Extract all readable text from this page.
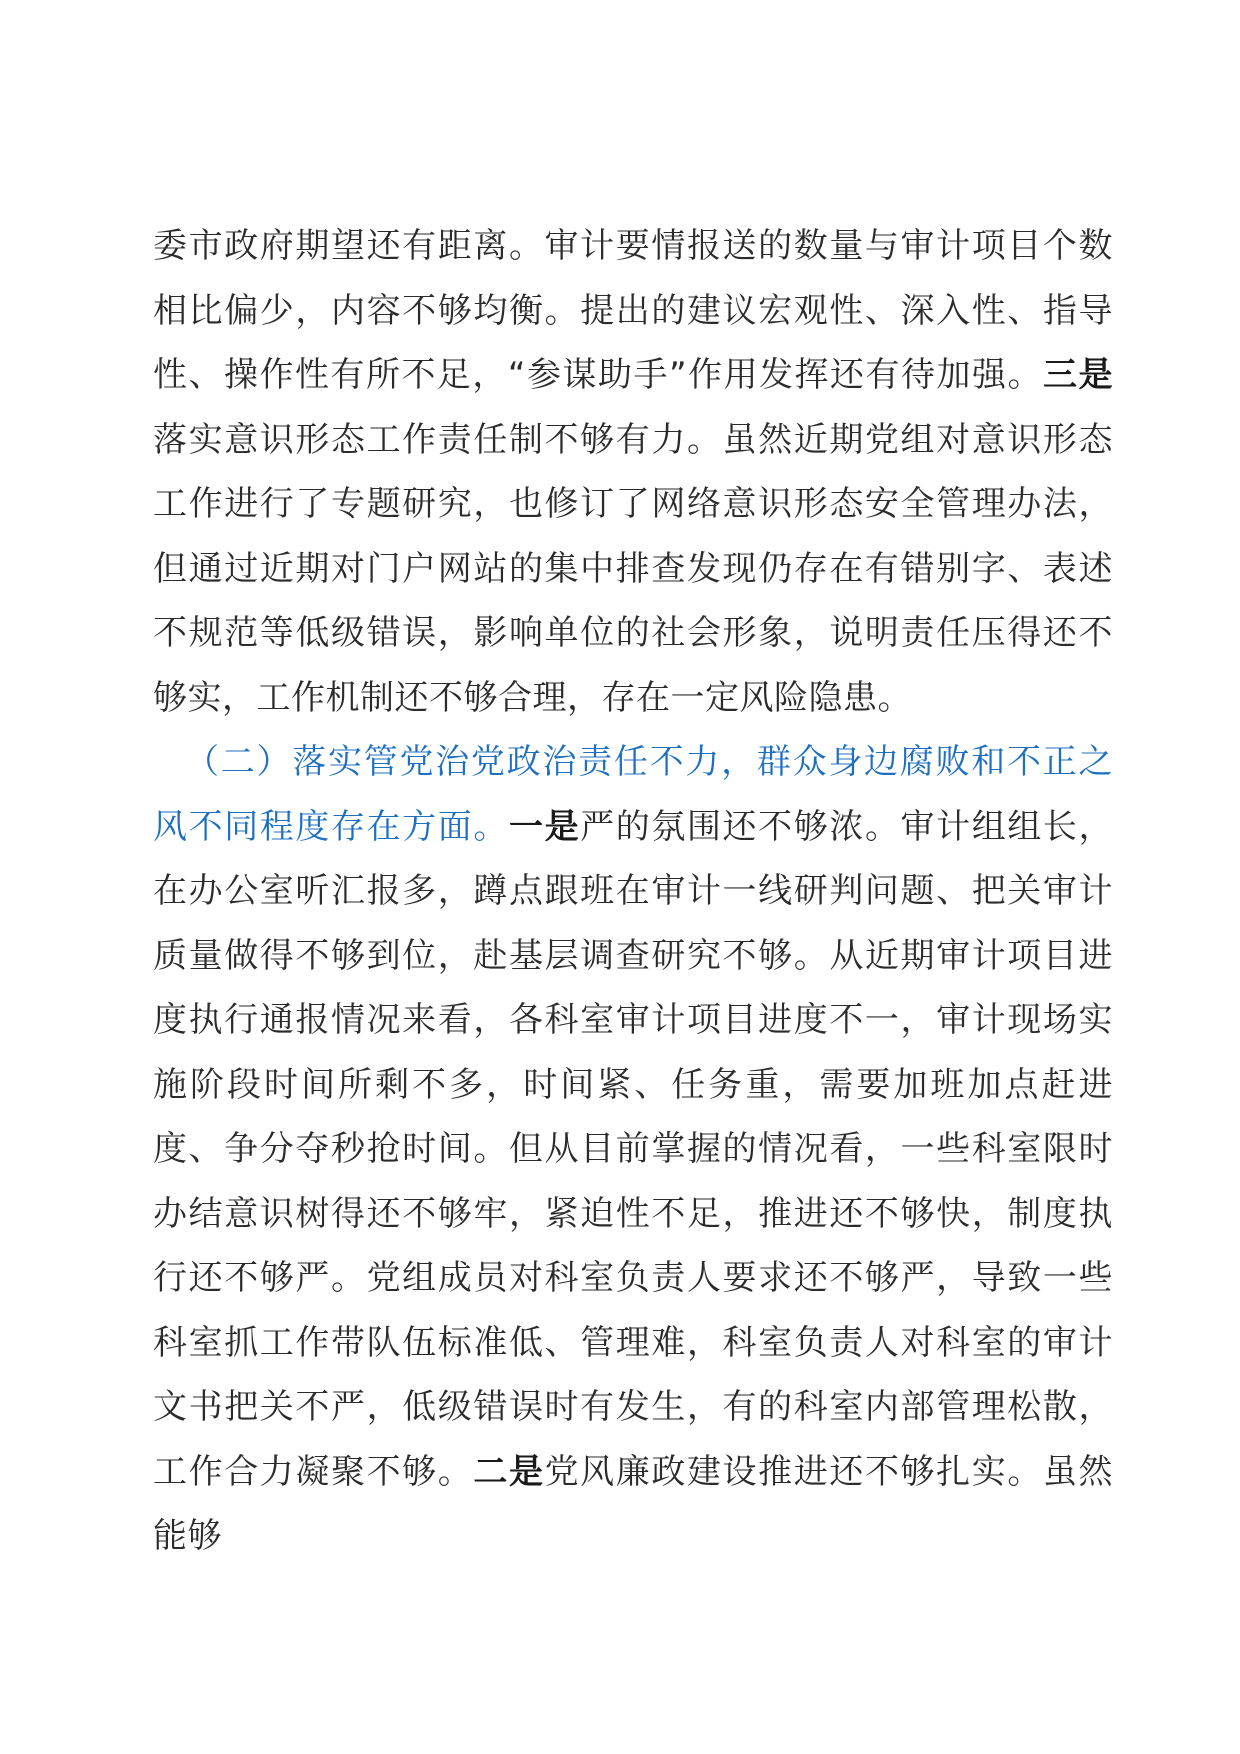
委市政府期望还有距离。审计要情报送的数量与审计项目个数相比偏少，内容不够均衡。提出的建议宏观性、深入性、指导性、操作性有所不足，“参谋助手”作用发挥还有待加强。三是落实意识形态工作责任制不够有力。虽然近期党组对意识形态工作进行了专题研究，也修订了网络意识形态安全管理办法，但通过近期对门户网站的集中排查发现仍存在有错别字、表述不规范等低级错误，影响单位的社会形象，说明责任压得还不够实，工作机制还不够合理，存在一定风险隐患。

（二）落实管党治党政治责任不力，群众身边腐败和不正之风不同程度存在方面。一是严的氛围还不够浓。审计组组长，在办公室听汇报多，蹲点跟班在审计一线研判问题、把关审计质量做得不够到位，赴基层调查研究不够。从近期审计项目进度执行通报情况来看，各科室审计项目进度不一，审计现场实施阶段时间所剩不多，时间紧、任务重，需要加班加点赶进度、争分夺秒抢时间。但从目前掌握的情况看，一些科室限时办结意识树得还不够牢，紧迫性不足，推进还不够快，制度执行还不够严。党组成员对科室负责人要求还不够严，导致一些科室抓工作带队伍标准低、管理难，科室负责人对科室的审计文书把关不严，低级错误时有发生，有的科室内部管理松散，工作合力凝聚不够。二是党风廉政建设推进还不够扎实。虽然能够
